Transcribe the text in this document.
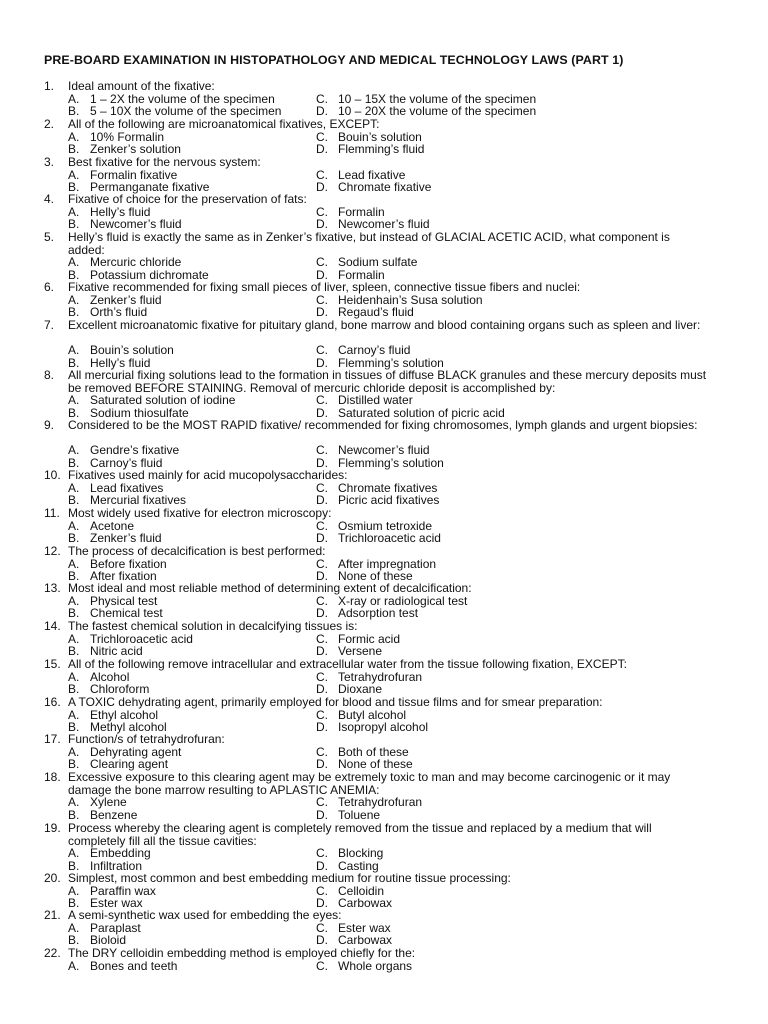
PRE-BOARD EXAMINATION IN HISTOPATHOLOGY AND MEDICAL TECHNOLOGY LAWS (PART 1)
1.	Ideal amount of the fixative:
A. 1 – 2X the volume of the specimen	C. 10 – 15X the volume of the specimen
B. 5 – 10X the volume of the specimen	D. 10 – 20X the volume of the specimen
2.	All of the following are microanatomical fixatives, EXCEPT:
A. 10% Formalin	C. Bouin’s solution
B. Zenker’s solution	D. Flemming’s fluid
3.	Best fixative for the nervous system:
A. Formalin fixative	C. Lead fixative
B. Permanganate fixative	D. Chromate fixative
4.	Fixative of choice for the preservation of fats:
A. Helly’s fluid	C. Formalin
B. Newcomer’s fluid	D. Newcomer’s fluid
5.	Helly’s fluid is exactly the same as in Zenker’s fixative, but instead of GLACIAL ACETIC ACID, what component is added:
A. Mercuric chloride	C. Sodium sulfate
B. Potassium dichromate	D. Formalin
6.	Fixative recommended for fixing small pieces of liver, spleen, connective tissue fibers and nuclei:
A. Zenker’s fluid	C. Heidenhain’s Susa solution
B. Orth’s fluid	D. Regaud’s fluid
7.	Excellent microanatomic fixative for pituitary gland, bone marrow and blood containing organs such as spleen and liver:
A. Bouin’s solution	C. Carnoy’s fluid
B. Helly’s fluid	D. Flemming’s solution
8.	All mercurial fixing solutions lead to the formation in tissues of diffuse BLACK granules and these mercury deposits must be removed BEFORE STAINING. Removal of mercuric chloride deposit is accomplished by:
A. Saturated solution of iodine	C. Distilled water
B. Sodium thiosulfate	D. Saturated solution of picric acid
9.	Considered to be the MOST RAPID fixative/ recommended for fixing chromosomes, lymph glands and urgent biopsies:
A. Gendre’s fixative	C. Newcomer’s fluid
B. Carnoy’s fluid	D. Flemming’s solution
10. Fixatives used mainly for acid mucopolysaccharides:
A. Lead fixatives	C. Chromate fixatives
B. Mercurial fixatives	D. Picric acid fixatives
11. Most widely used fixative for electron microscopy:
A. Acetone	C. Osmium tetroxide
B. Zenker’s fluid	D. Trichloroacetic acid
12. The process of decalcification is best performed:
A. Before fixation	C. After impregnation
B. After fixation	D. None of these
13. Most ideal and most reliable method of determining extent of decalcification:
A. Physical test	C. X-ray or radiological test
B. Chemical test	D. Adsorption test
14. The fastest chemical solution in decalcifying tissues is:
A. Trichloroacetic acid	C. Formic acid
B. Nitric acid	D. Versene
15. All of the following remove intracellular and extracellular water from the tissue following fixation, EXCEPT:
A. Alcohol	C. Tetrahydrofuran
B. Chloroform	D. Dioxane
16. A TOXIC dehydrating agent, primarily employed for blood and tissue films and for smear preparation:
A. Ethyl alcohol	C. Butyl alcohol
B. Methyl alcohol	D. Isopropyl alcohol
17. Function/s of tetrahydrofuran:
A. Dehyrating agent	C. Both of these
B. Clearing agent	D. None of these
18. Excessive exposure to this clearing agent may be extremely toxic to man and may become carcinogenic or it may damage the bone marrow resulting to APLASTIC ANEMIA:
A. Xylene	C. Tetrahydrofuran
B. Benzene	D. Toluene
19. Process whereby the clearing agent is completely removed from the tissue and replaced by a medium that will completely fill all the tissue cavities:
A. Embedding	C. Blocking
B. Infiltration	D. Casting
20. Simplest, most common and best embedding medium for routine tissue processing:
A. Paraffin wax	C. Celloidin
B. Ester wax	D. Carbowax
21. A semi-synthetic wax used for embedding the eyes:
A. Paraplast	C. Ester wax
B. Bioloid	D. Carbowax
22. The DRY celloidin embedding method is employed chiefly for the:
A. Bones and teeth	C. Whole organs
